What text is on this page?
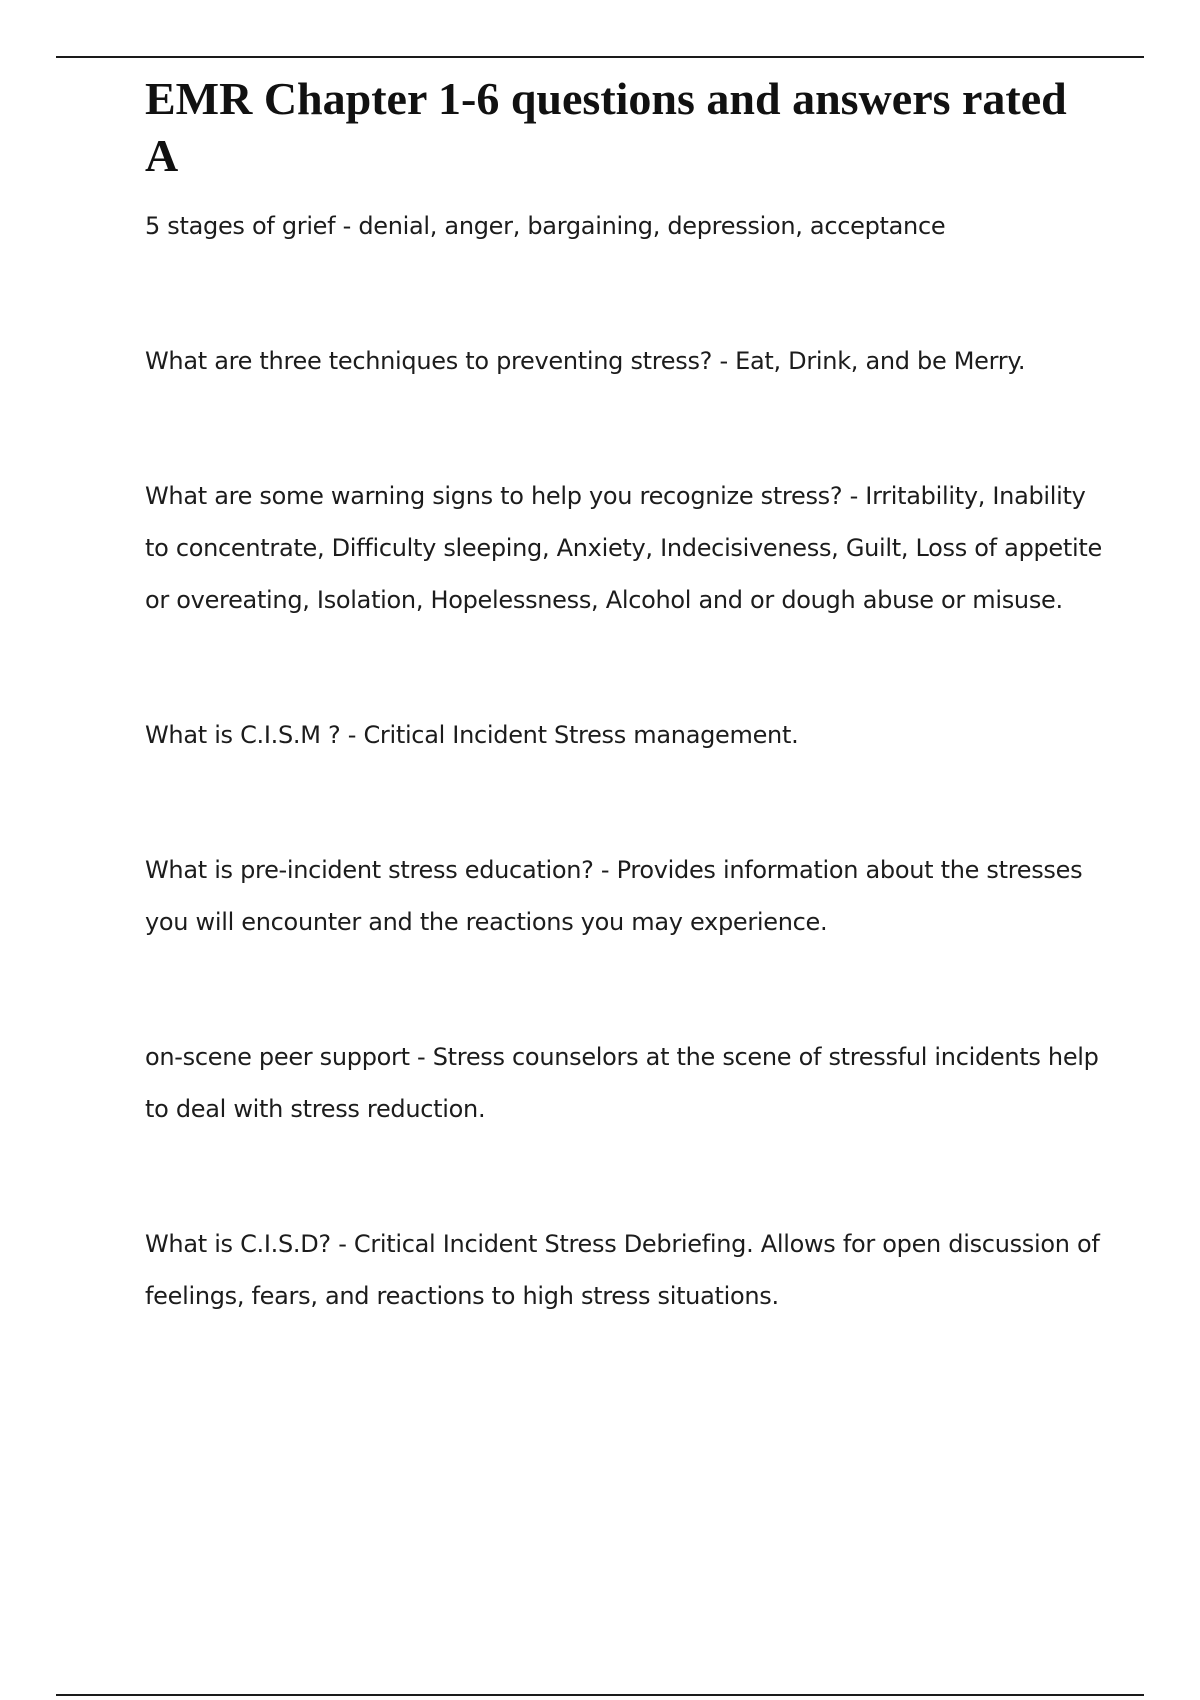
EMR Chapter 1-6 questions and answers rated A

5 stages of grief - denial, anger, bargaining, depression, acceptance

What are three techniques to preventing stress? - Eat, Drink, and be Merry.

What are some warning signs to help you recognize stress? - Irritability, Inability to concentrate, Difficulty sleeping, Anxiety, Indecisiveness, Guilt, Loss of appetite or overeating, Isolation, Hopelessness, Alcohol and or dough abuse or misuse.

What is C.I.S.M ? - Critical Incident Stress management.

What is pre-incident stress education? - Provides information about the stresses you will encounter and the reactions you may experience.

on-scene peer support - Stress counselors at the scene of stressful incidents help to deal with stress reduction.

What is C.I.S.D? - Critical Incident Stress Debriefing. Allows for open discussion of feelings, fears, and reactions to high stress situations.
